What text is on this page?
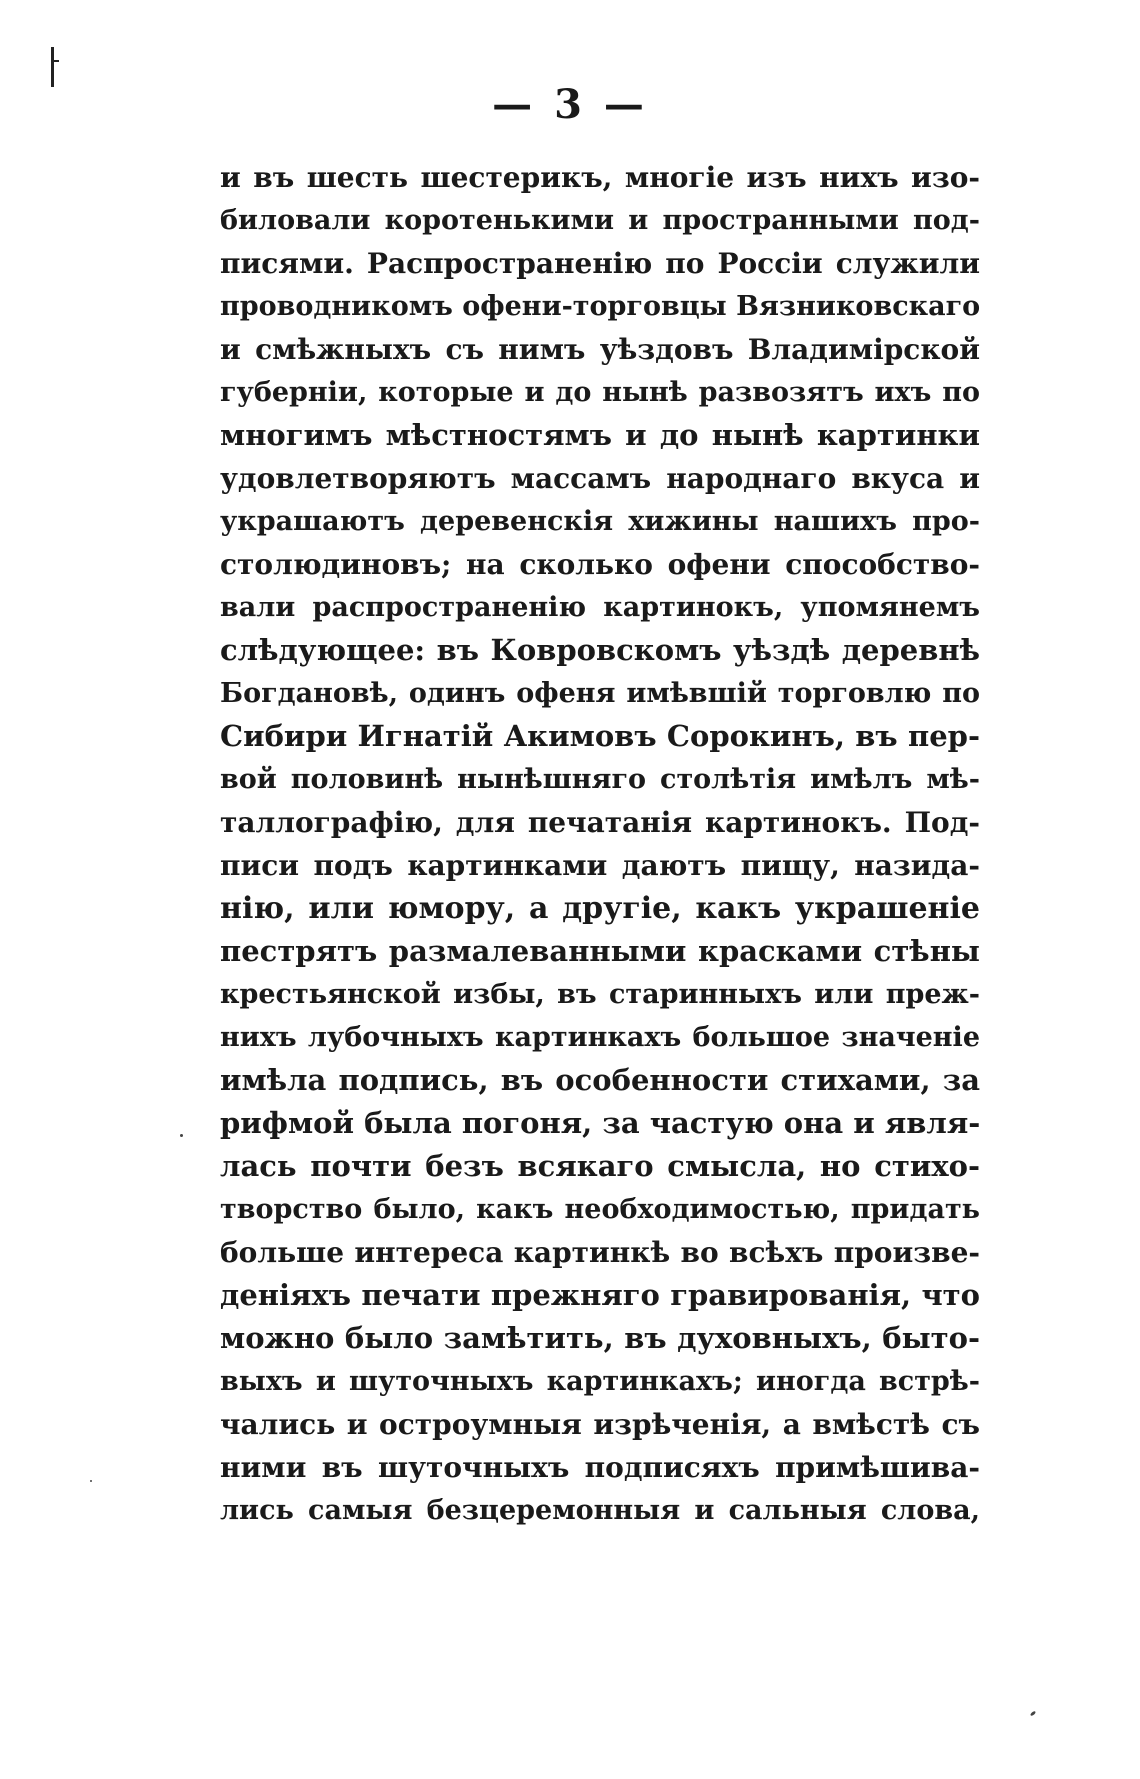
— 3 —
и въ шесть шестерикъ, многіе изъ нихъ изо-
биловали коротенькими и пространными под-
писями. Распространенію по Россіи служили
проводникомъ офени-торговцы Вязниковскаго
и смѣжныхъ съ нимъ уѣздовъ Владимірской
губерніи, которые и до нынѣ развозятъ ихъ по
многимъ мѣстностямъ и до нынѣ картинки
удовлетворяютъ массамъ народнаго вкуса и
украшаютъ деревенскія хижины нашихъ про-
столюдиновъ; на сколько офени способство-
вали распространенію картинокъ, упомянемъ
слѣдующее: въ Ковровскомъ уѣздѣ деревнѣ
Богдановѣ, одинъ офеня имѣвшій торговлю по
Сибири Игнатій Акимовъ Сорокинъ, въ пер-
вой половинѣ нынѣшняго столѣтія имѣлъ мѣ-
таллографію, для печатанія картинокъ. Под-
писи подъ картинками даютъ пищу, назида-
нію, или юмору, а другіе, какъ украшеніе
пестрятъ размалеванными красками стѣны
крестьянской избы, въ старинныхъ или преж-
нихъ лубочныхъ картинкахъ большое значеніе
имѣла подпись, въ особенности стихами, за
рифмой была погоня, за частую она и явля-
лась почти безъ всякаго смысла, но стихо-
творство было, какъ необходимостью, придать
больше интереса картинкѣ во всѣхъ произве-
деніяхъ печати прежняго гравированія, что
можно было замѣтить, въ духовныхъ, быто-
выхъ и шуточныхъ картинкахъ; иногда встрѣ-
чались и остроумныя изрѣченія, а вмѣстѣ съ
ними въ шуточныхъ подписяхъ примѣшива-
лись самыя безцеремонныя и сальныя слова,
